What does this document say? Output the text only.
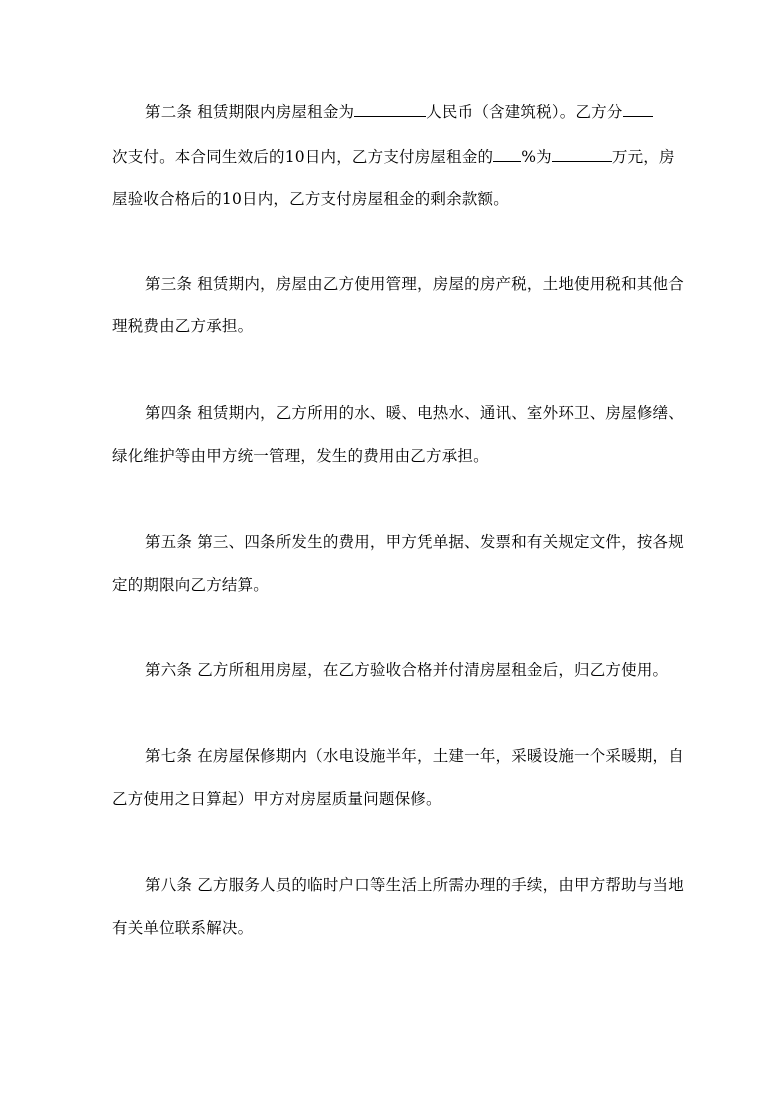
第二条 租赁期限内房屋租金为	人民币（含建筑税）。乙方分
次支付。本合同生效后的10日内，乙方支付房屋租金的 %为	万元，房
屋验收合格后的10日内，乙方支付房屋租金的剩余款额。
第三条 租赁期内，房屋由乙方使用管理，房屋的房产税，土地使用税和其他合
理税费由乙方承担。
第四条 租赁期内，乙方所用的水、暖、电热水、通讯、室外环卫、房屋修缮、
绿化维护等由甲方统一管理，发生的费用由乙方承担。
第五条 第三、四条所发生的费用，甲方凭单据、发票和有关规定文件，按各规
定的期限向乙方结算。
第六条 乙方所租用房屋，在乙方验收合格并付清房屋租金后，归乙方使用。
第七条 在房屋保修期内（水电设施半年，土建一年，采暖设施一个采暖期，自
乙方使用之日算起）甲方对房屋质量问题保修。
第八条 乙方服务人员的临时户口等生活上所需办理的手续，由甲方帮助与当地
有关单位联系解决。
